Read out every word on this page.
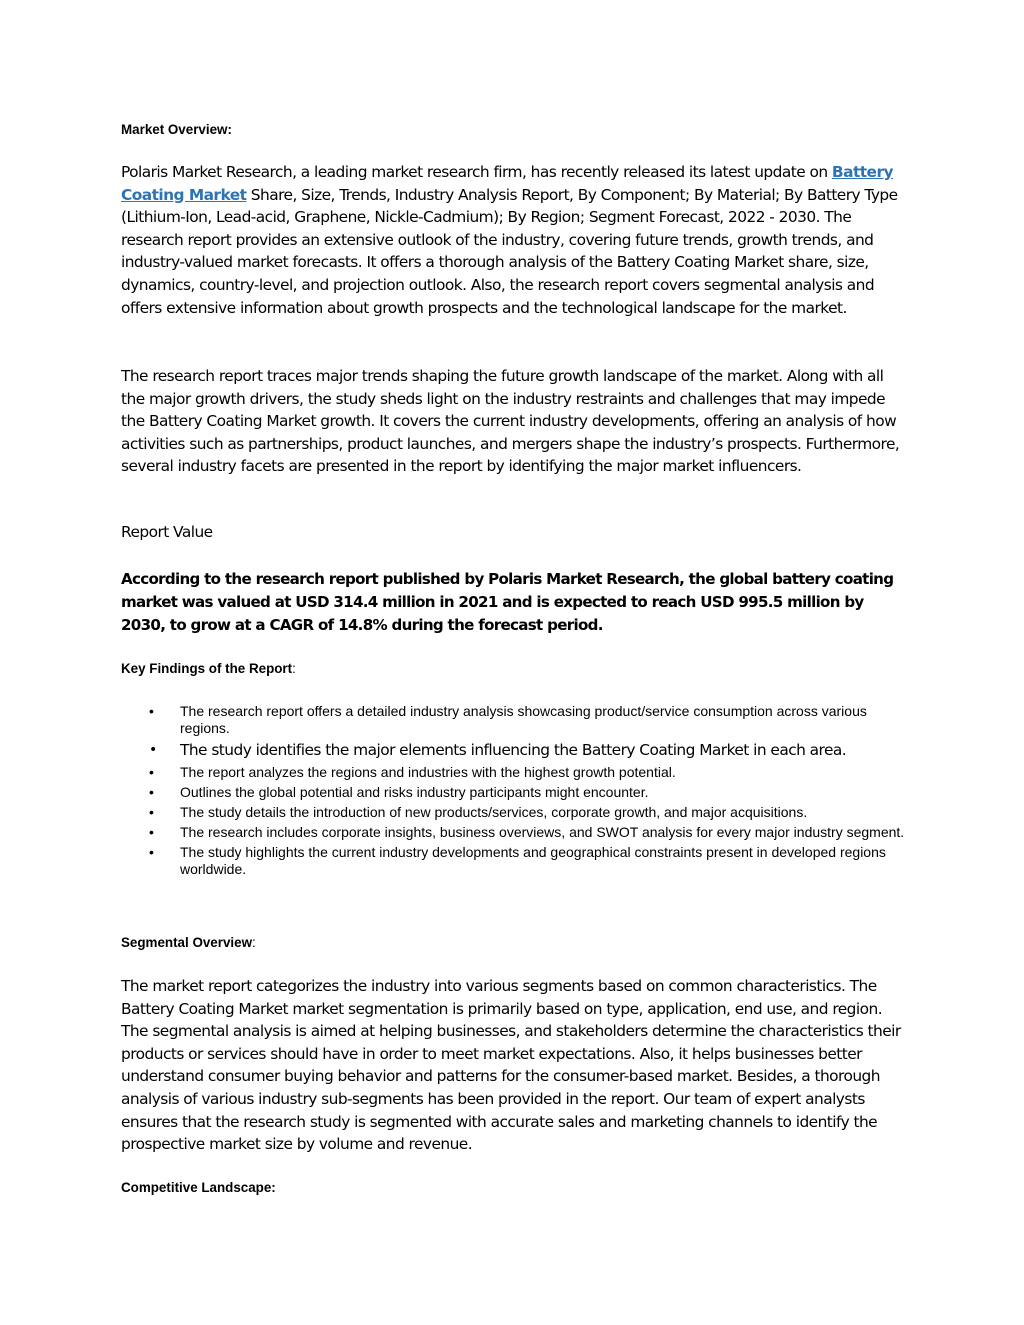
Market Overview:

Polaris Market Research, a leading market research firm, has recently released its latest update on Battery Coating Market Share, Size, Trends, Industry Analysis Report, By Component; By Material; By Battery Type (Lithium-Ion, Lead-acid, Graphene, Nickle-Cadmium); By Region; Segment Forecast, 2022 - 2030. The research report provides an extensive outlook of the industry, covering future trends, growth trends, and industry-valued market forecasts. It offers a thorough analysis of the Battery Coating Market share, size, dynamics, country-level, and projection outlook. Also, the research report covers segmental analysis and offers extensive information about growth prospects and the technological landscape for the market.

The research report traces major trends shaping the future growth landscape of the market. Along with all the major growth drivers, the study sheds light on the industry restraints and challenges that may impede the Battery Coating Market growth. It covers the current industry developments, offering an analysis of how activities such as partnerships, product launches, and mergers shape the industry’s prospects. Furthermore, several industry facets are presented in the report by identifying the major market influencers.

Report Value

According to the research report published by Polaris Market Research, the global battery coating market was valued at USD 314.4 million in 2021 and is expected to reach USD 995.5 million by 2030, to grow at a CAGR of 14.8% during the forecast period.

Key Findings of the Report:
• The research report offers a detailed industry analysis showcasing product/service consumption across various regions.
• The study identifies the major elements influencing the Battery Coating Market in each area.
• The report analyzes the regions and industries with the highest growth potential.
• Outlines the global potential and risks industry participants might encounter.
• The study details the introduction of new products/services, corporate growth, and major acquisitions.
• The research includes corporate insights, business overviews, and SWOT analysis for every major industry segment.
• The study highlights the current industry developments and geographical constraints present in developed regions worldwide.
Segmental Overview:

The market report categorizes the industry into various segments based on common characteristics. The Battery Coating Market market segmentation is primarily based on type, application, end use, and region. The segmental analysis is aimed at helping businesses, and stakeholders determine the characteristics their products or services should have in order to meet market expectations. Also, it helps businesses better understand consumer buying behavior and patterns for the consumer-based market. Besides, a thorough analysis of various industry sub-segments has been provided in the report. Our team of expert analysts ensures that the research study is segmented with accurate sales and marketing channels to identify the prospective market size by volume and revenue.

Competitive Landscape:
